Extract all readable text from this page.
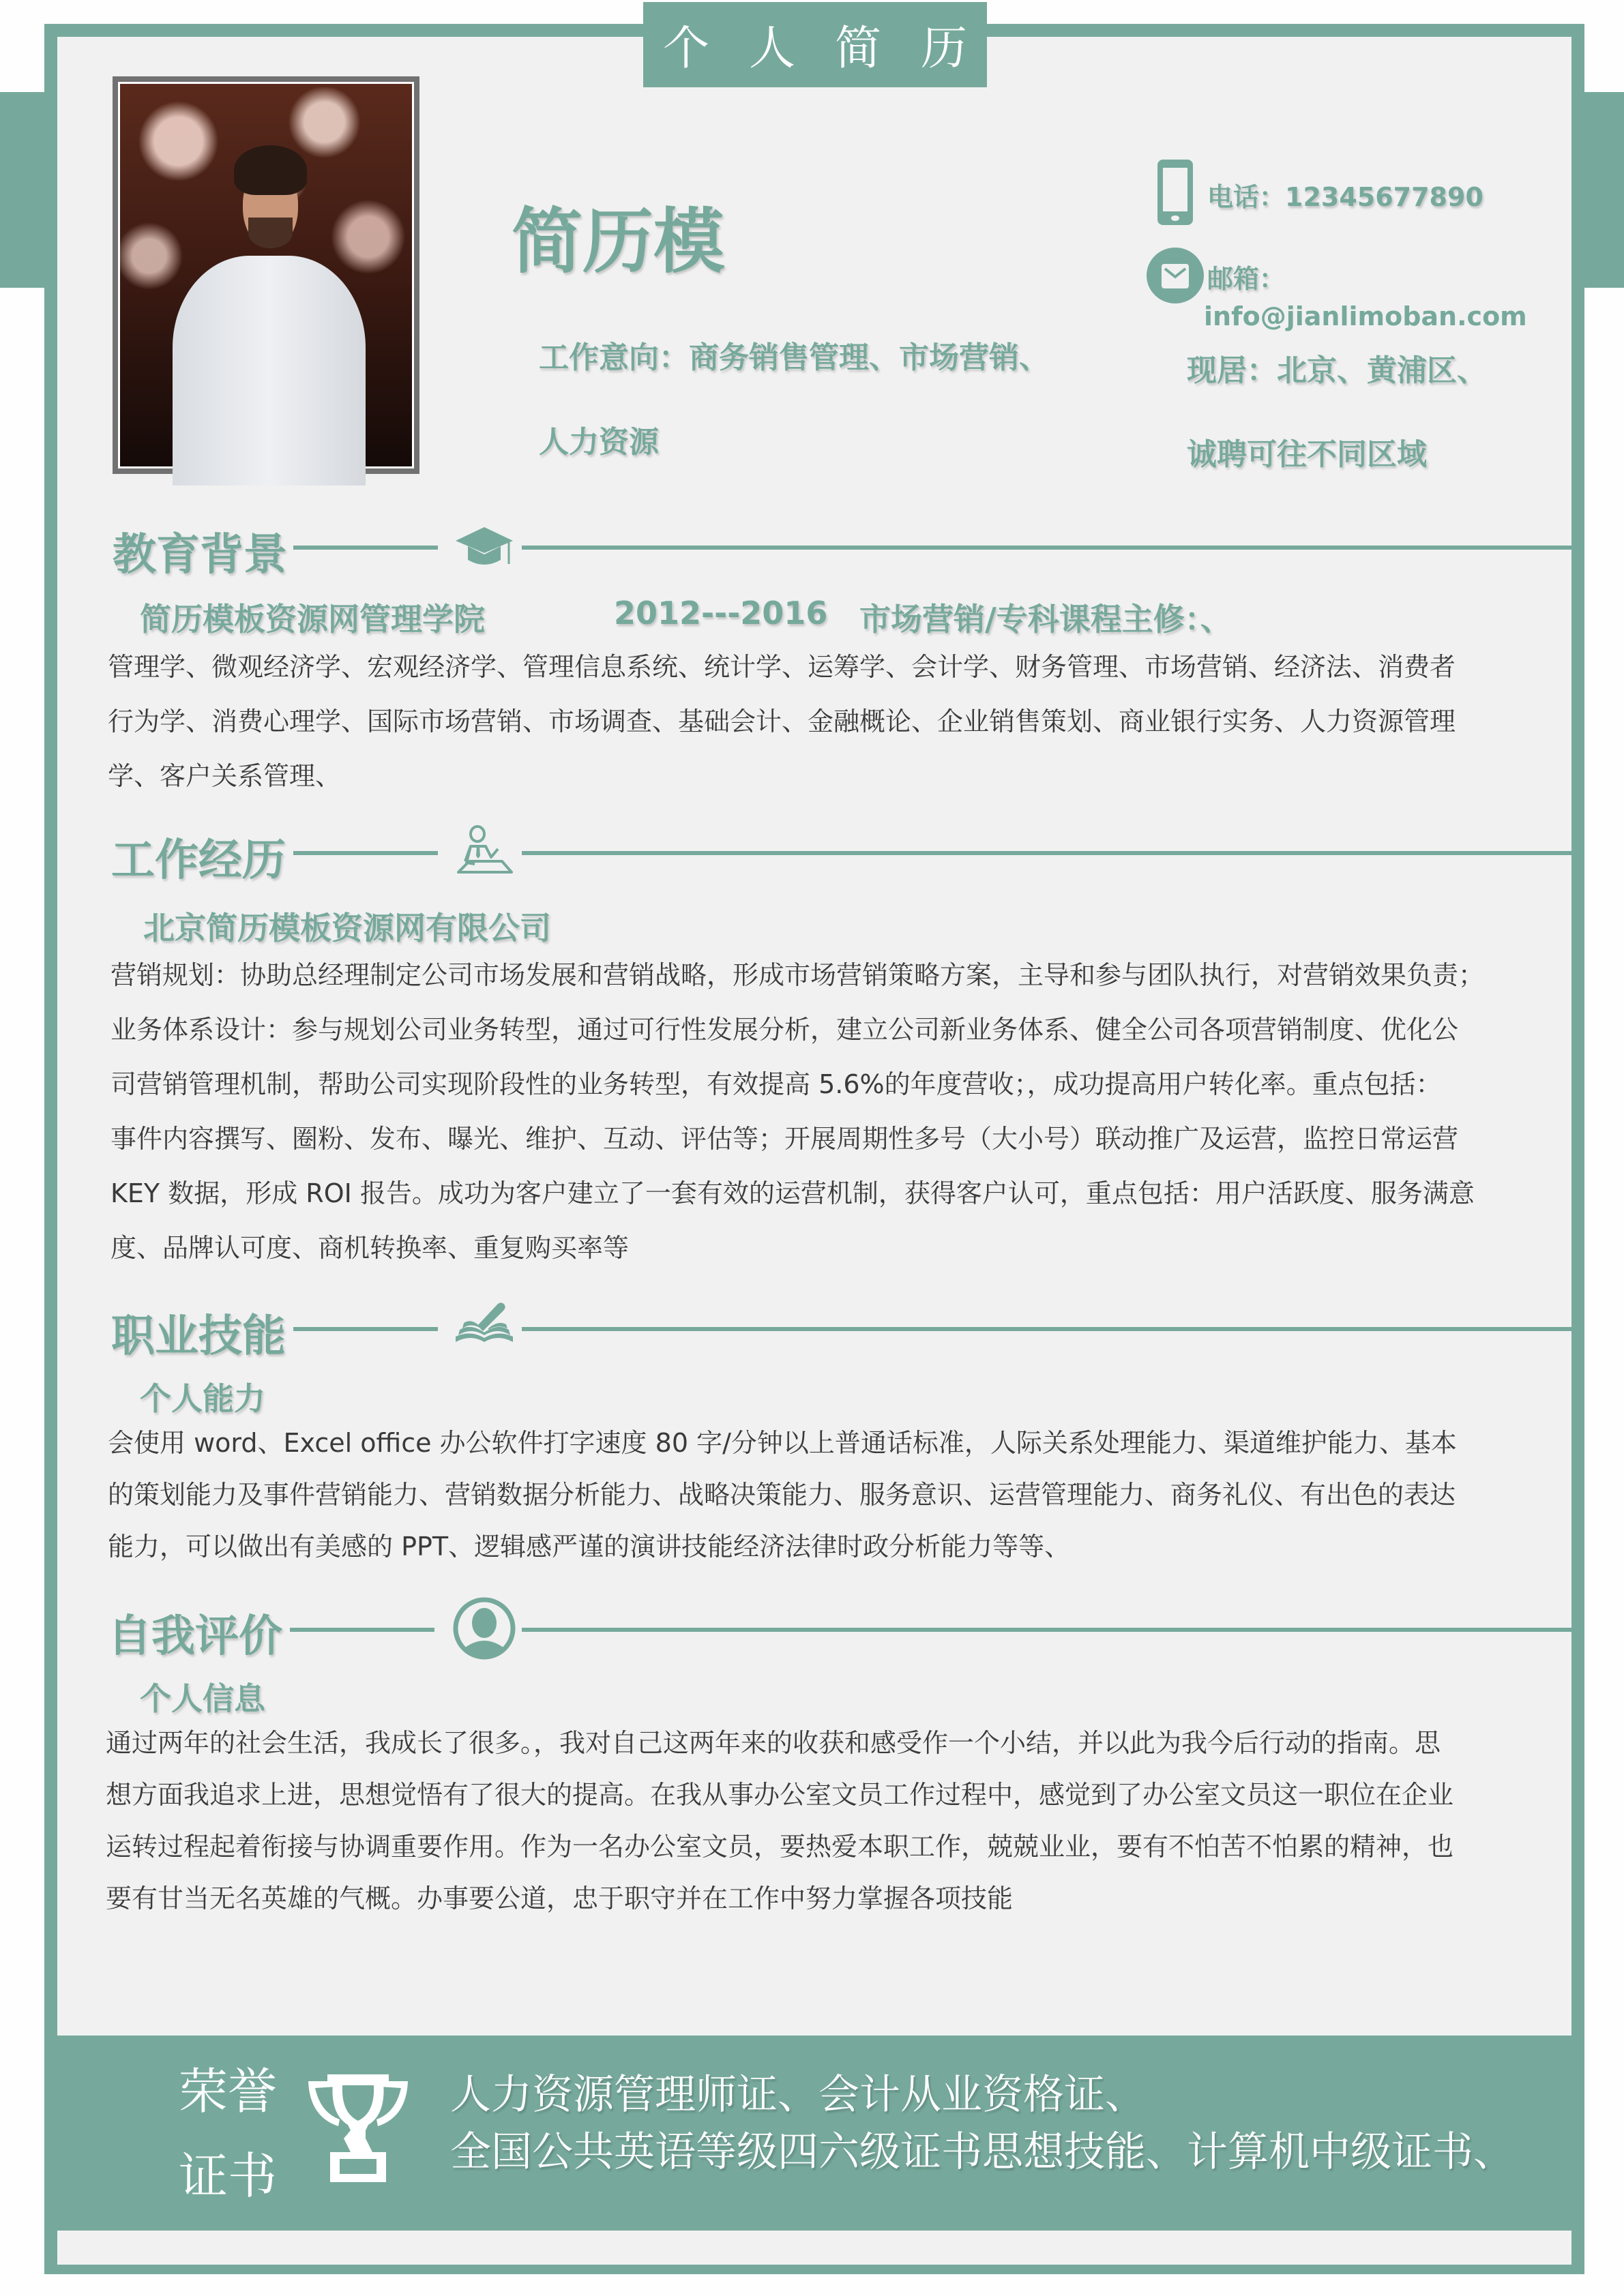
个人简历
简历模
工作意向：商务销售管理、市场营销、
人力资源
电话：12345677890
邮箱：
info@jianlimoban.com
现居：北京、黄浦区、
诚聘可往不同区域
教育背景
简历模板资源网管理学院	2012---2016 市场营销/专科课程主修：、
管理学、微观经济学、宏观经济学、管理信息系统、统计学、运筹学、会计学、财务管理、市场营销、经济法、消费者
行为学、消费心理学、国际市场营销、市场调查、基础会计、金融概论、企业销售策划、商业银行实务、人力资源管理
学、客户关系管理、
工作经历
北京简历模板资源网有限公司
营销规划：协助总经理制定公司市场发展和营销战略，形成市场营销策略方案，主导和参与团队执行，对营销效果负责；
业务体系设计：参与规划公司业务转型，通过可行性发展分析，建立公司新业务体系、健全公司各项营销制度、优化公
司营销管理机制，帮助公司实现阶段性的业务转型，有效提高 5.6%的年度营收；，成功提高用户转化率。重点包括：
事件内容撰写、圈粉、发布、曝光、维护、互动、评估等；开展周期性多号（大小号）联动推广及运营，监控日常运营
KEY 数据，形成 ROI 报告。成功为客户建立了一套有效的运营机制，获得客户认可，重点包括：用户活跃度、服务满意
度、品牌认可度、商机转换率、重复购买率等
职业技能
个人能力
会使用 word、Excel office 办公软件打字速度 80 字/分钟以上普通话标准，人际关系处理能力、渠道维护能力、基本
的策划能力及事件营销能力、营销数据分析能力、战略决策能力、服务意识、运营管理能力、商务礼仪、有出色的表达
能力，可以做出有美感的 PPT、逻辑感严谨的演讲技能经济法律时政分析能力等等、
自我评价
个人信息
通过两年的社会生活，我成长了很多。，我对自己这两年来的收获和感受作一个小结，并以此为我今后行动的指南。思
想方面我追求上进，思想觉悟有了很大的提高。在我从事办公室文员工作过程中，感觉到了办公室文员这一职位在企业
运转过程起着衔接与协调重要作用。作为一名办公室文员，要热爱本职工作，兢兢业业，要有不怕苦不怕累的精神，也
要有甘当无名英雄的气概。办事要公道，忠于职守并在工作中努力掌握各项技能
荣誉
证书
人力资源管理师证、会计从业资格证、
全国公共英语等级四六级证书思想技能、计算机中级证书、
